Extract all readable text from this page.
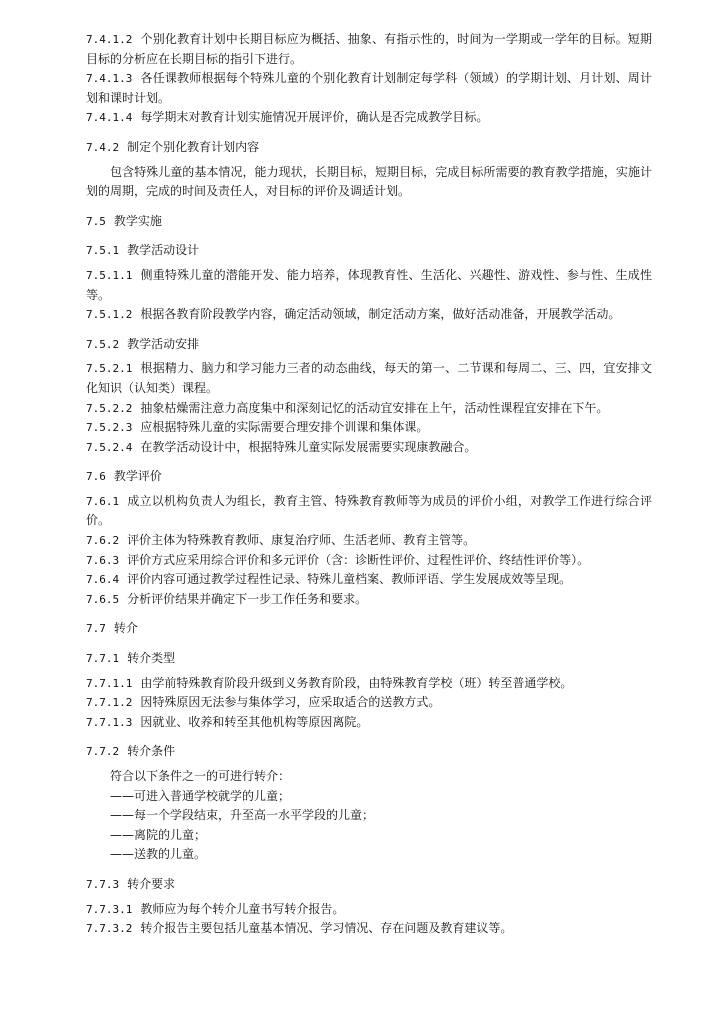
7.4.1.2 个别化教育计划中长期目标应为概括、抽象、有指示性的，时间为一学期或一学年的目标。短期目标的分析应在长期目标的指引下进行。
7.4.1.3 各任课教师根据每个特殊儿童的个别化教育计划制定每学科（领域）的学期计划、月计划、周计划和课时计划。
7.4.1.4 每学期末对教育计划实施情况开展评价，确认是否完成教学目标。
7.4.2 制定个别化教育计划内容
包含特殊儿童的基本情况，能力现状，长期目标，短期目标，完成目标所需要的教育教学措施，实施计划的周期，完成的时间及责任人，对目标的评价及调适计划。
7.5 教学实施
7.5.1 教学活动设计
7.5.1.1 侧重特殊儿童的潜能开发、能力培养，体现教育性、生活化、兴趣性、游戏性、参与性、生成性等。
7.5.1.2 根据各教育阶段教学内容，确定活动领域，制定活动方案，做好活动准备，开展教学活动。
7.5.2 教学活动安排
7.5.2.1 根据精力、脑力和学习能力三者的动态曲线，每天的第一、二节课和每周二、三、四，宜安排文化知识（认知类）课程。
7.5.2.2 抽象枯燥需注意力高度集中和深刻记忆的活动宜安排在上午，活动性课程宜安排在下午。
7.5.2.3 应根据特殊儿童的实际需要合理安排个训课和集体课。
7.5.2.4 在教学活动设计中，根据特殊儿童实际发展需要实现康教融合。
7.6 教学评价
7.6.1 成立以机构负责人为组长，教育主管、特殊教育教师等为成员的评价小组，对教学工作进行综合评价。
7.6.2 评价主体为特殊教育教师、康复治疗师、生活老师、教育主管等。
7.6.3 评价方式应采用综合评价和多元评价（含：诊断性评价、过程性评价、终结性评价等）。
7.6.4 评价内容可通过教学过程性记录、特殊儿童档案、教师评语、学生发展成效等呈现。
7.6.5 分析评价结果并确定下一步工作任务和要求。
7.7 转介
7.7.1 转介类型
7.7.1.1 由学前特殊教育阶段升级到义务教育阶段，由特殊教育学校（班）转至普通学校。
7.7.1.2 因特殊原因无法参与集体学习，应采取适合的送教方式。
7.7.1.3 因就业、收养和转至其他机构等原因离院。
7.7.2 转介条件
符合以下条件之一的可进行转介：
——可进入普通学校就学的儿童；
——每一个学段结束，升至高一水平学段的儿童；
——离院的儿童；
——送教的儿童。
7.7.3 转介要求
7.7.3.1 教师应为每个转介儿童书写转介报告。
7.7.3.2 转介报告主要包括儿童基本情况、学习情况、存在问题及教育建议等。
